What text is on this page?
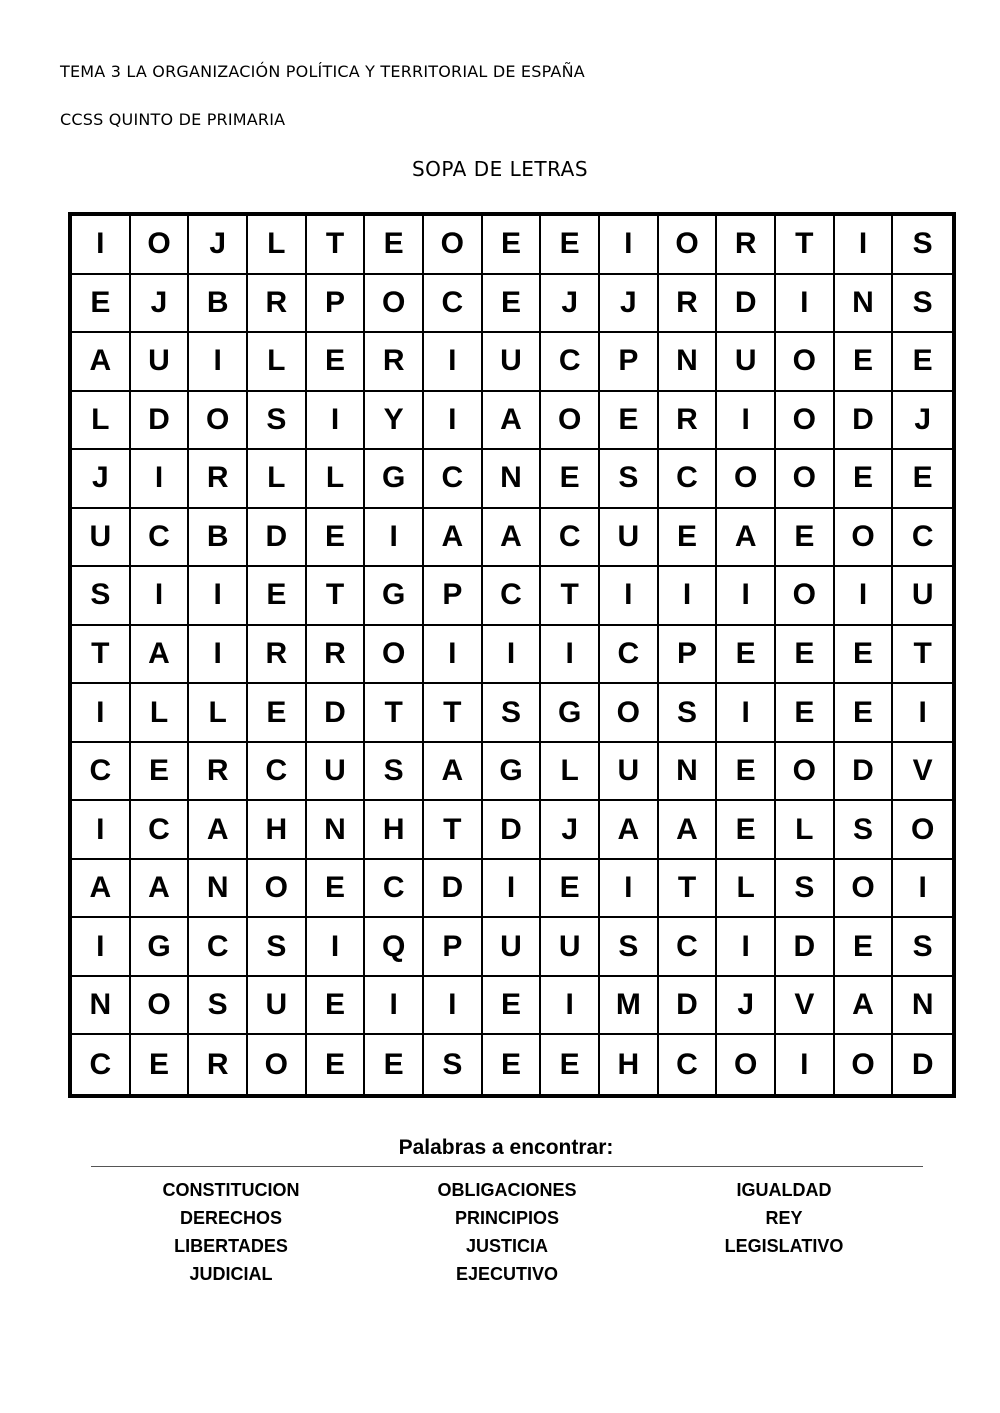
TEMA 3 LA ORGANIZACIÓN POLÍTICA Y TERRITORIAL DE ESPAÑA
CCSS QUINTO DE PRIMARIA
SOPA DE LETRAS
I	O	J	L	T	E	O	E	E	I	O	R	T	I	S
E	J	B	R	P	O	C	E	J	J	R	D	I	N	S
A	U	I	L	E	R	I	U	C	P	N	U	O	E	E
L	D	O	S	I	Y	I	A	O	E	R	I	O	D	J
J	I	R	L	L	G	C	N	E	S	C	O	O	E	E
U	C	B	D	E	I	A	A	C	U	E	A	E	O	C
S	I	I	E	T	G	P	C	T	I	I	I	O	I	U
T	A	I	R	R	O	I	I	I	C	P	E	E	E	T
I	L	L	E	D	T	T	S	G	O	S	I	E	E	I
C	E	R	C	U	S	A	G	L	U	N	E	O	D	V
I	C	A	H	N	H	T	D	J	A	A	E	L	S	O
A	A	N	O	E	C	D	I	E	I	T	L	S	O	I
I	G	C	S	I	Q	P	U	U	S	C	I	D	E	S
N	O	S	U	E	I	I	E	I	M	D	J	V	A	N
C	E	R	O	E	E	S	E	E	H	C	O	I	O	D
Palabras a encontrar:
CONSTITUCION
DERECHOS
LIBERTADES
JUDICIAL
OBLIGACIONES
PRINCIPIOS
JUSTICIA
EJECUTIVO
IGUALDAD
REY
LEGISLATIVO
